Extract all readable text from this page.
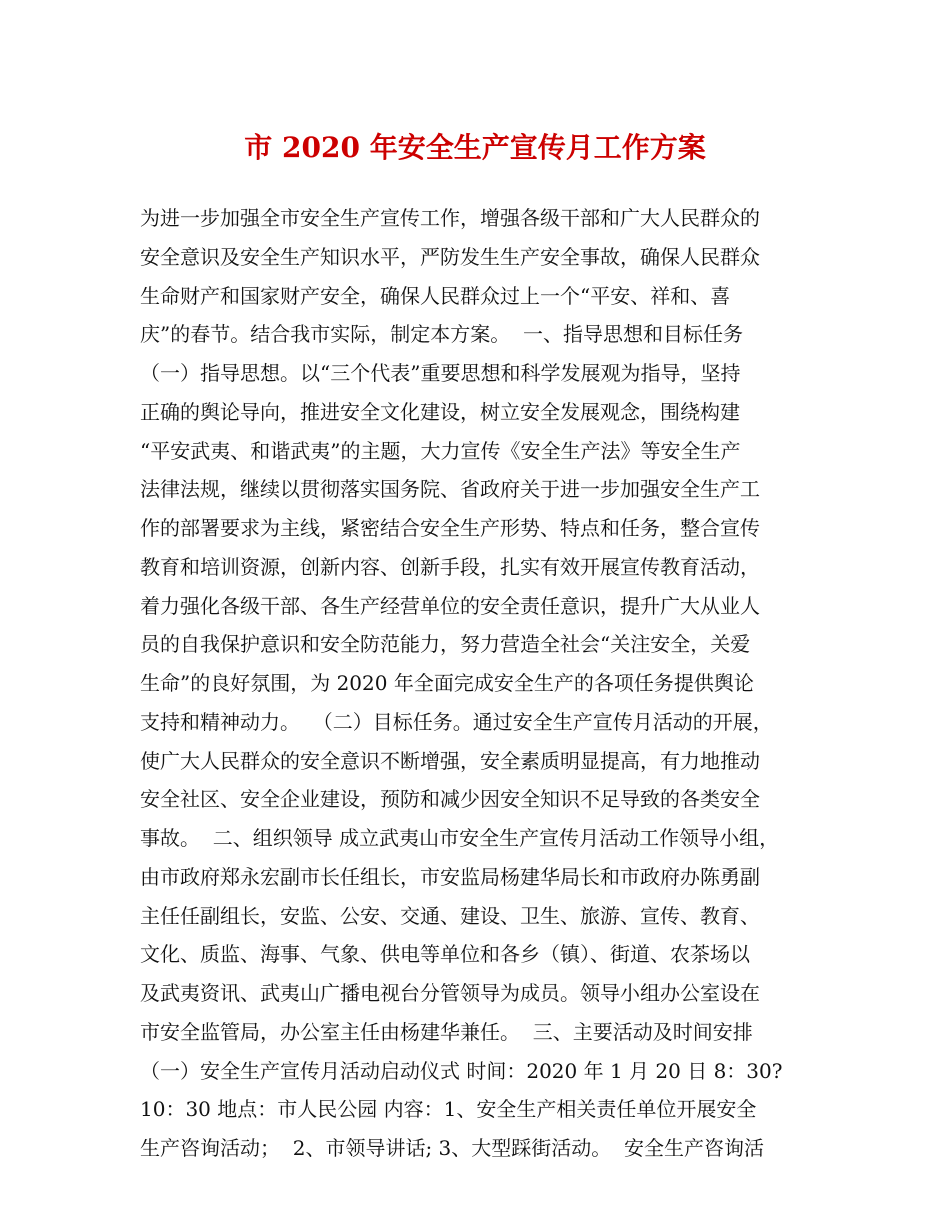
市 2020 年安全生产宣传月工作方案
为进一步加强全市安全生产宣传工作，增强各级干部和广大人民群众的
安全意识及安全生产知识水平，严防发生生产安全事故，确保人民群众
生命财产和国家财产安全，确保人民群众过上一个“平安、祥和、喜
庆”的春节。结合我市实际，制定本方案。  一、指导思想和目标任务
（一）指导思想。以“三个代表”重要思想和科学发展观为指导，坚持
正确的舆论导向，推进安全文化建设，树立安全发展观念，围绕构建
“平安武夷、和谐武夷”的主题，大力宣传《安全生产法》等安全生产
法律法规，继续以贯彻落实国务院、省政府关于进一步加强安全生产工
作的部署要求为主线，紧密结合安全生产形势、特点和任务，整合宣传
教育和培训资源，创新内容、创新手段，扎实有效开展宣传教育活动，
着力强化各级干部、各生产经营单位的安全责任意识，提升广大从业人
员的自我保护意识和安全防范能力，努力营造全社会“关注安全，关爱
生命”的良好氛围，为 2020 年全面完成安全生产的各项任务提供舆论
支持和精神动力。  （二）目标任务。通过安全生产宣传月活动的开展，
使广大人民群众的安全意识不断增强，安全素质明显提高，有力地推动
安全社区、安全企业建设，预防和减少因安全知识不足导致的各类安全
事故。  二、组织领导 成立武夷山市安全生产宣传月活动工作领导小组，
由市政府郑永宏副市长任组长，市安监局杨建华局长和市政府办陈勇副
主任任副组长，安监、公安、交通、建设、卫生、旅游、宣传、教育、
文化、质监、海事、气象、供电等单位和各乡（镇）、街道、农茶场以
及武夷资讯、武夷山广播电视台分管领导为成员。领导小组办公室设在
市安全监管局，办公室主任由杨建华兼任。  三、主要活动及时间安排
（一）安全生产宣传月活动启动仪式 时间：2020 年 1 月 20 日 8：30?
10：30 地点：市人民公园 内容：1、安全生产相关责任单位开展安全
生产咨询活动；  2、市领导讲话; 3、大型踩街活动。  安全生产咨询活
